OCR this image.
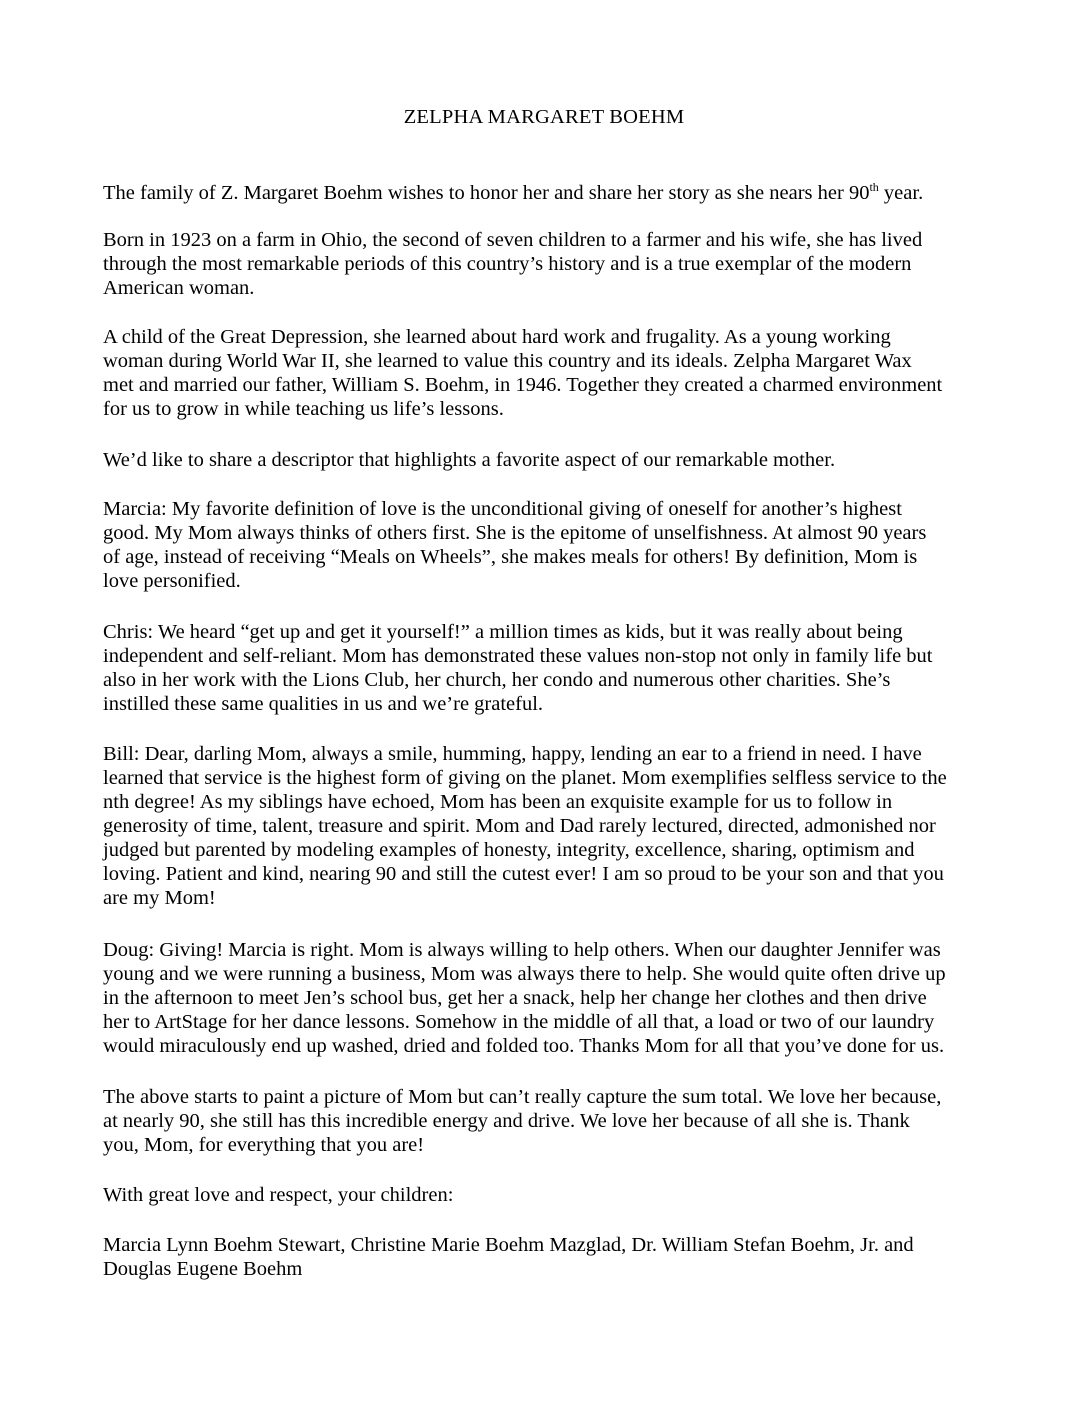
ZELPHA MARGARET BOEHM

The family of Z. Margaret Boehm wishes to honor her and share her story as she nears her 90th year.

Born in 1923 on a farm in Ohio, the second of seven children to a farmer and his wife, she has lived
through the most remarkable periods of this country’s history and is a true exemplar of the modern
American woman.

A child of the Great Depression, she learned about hard work and frugality. As a young working
woman during World War II, she learned to value this country and its ideals. Zelpha Margaret Wax
met and married our father, William S. Boehm, in 1946. Together they created a charmed environment
for us to grow in while teaching us life’s lessons.

We’d like to share a descriptor that highlights a favorite aspect of our remarkable mother.

Marcia: My favorite definition of love is the unconditional giving of oneself for another’s highest
good. My Mom always thinks of others first. She is the epitome of unselfishness. At almost 90 years
of age, instead of receiving “Meals on Wheels”, she makes meals for others! By definition, Mom is
love personified.

Chris: We heard “get up and get it yourself!” a million times as kids, but it was really about being
independent and self-reliant. Mom has demonstrated these values non-stop not only in family life but
also in her work with the Lions Club, her church, her condo and numerous other charities. She’s
instilled these same qualities in us and we’re grateful.

Bill: Dear, darling Mom, always a smile, humming, happy, lending an ear to a friend in need. I have
learned that service is the highest form of giving on the planet. Mom exemplifies selfless service to the
nth degree! As my siblings have echoed, Mom has been an exquisite example for us to follow in
generosity of time, talent, treasure and spirit. Mom and Dad rarely lectured, directed, admonished nor
judged but parented by modeling examples of honesty, integrity, excellence, sharing, optimism and
loving. Patient and kind, nearing 90 and still the cutest ever! I am so proud to be your son and that you
are my Mom!

Doug: Giving! Marcia is right. Mom is always willing to help others. When our daughter Jennifer was
young and we were running a business, Mom was always there to help. She would quite often drive up
in the afternoon to meet Jen’s school bus, get her a snack, help her change her clothes and then drive
her to ArtStage for her dance lessons. Somehow in the middle of all that, a load or two of our laundry
would miraculously end up washed, dried and folded too. Thanks Mom for all that you’ve done for us.

The above starts to paint a picture of Mom but can’t really capture the sum total. We love her because,
at nearly 90, she still has this incredible energy and drive. We love her because of all she is. Thank
you, Mom, for everything that you are!

With great love and respect, your children:

Marcia Lynn Boehm Stewart, Christine Marie Boehm Mazglad, Dr. William Stefan Boehm, Jr. and
Douglas Eugene Boehm
